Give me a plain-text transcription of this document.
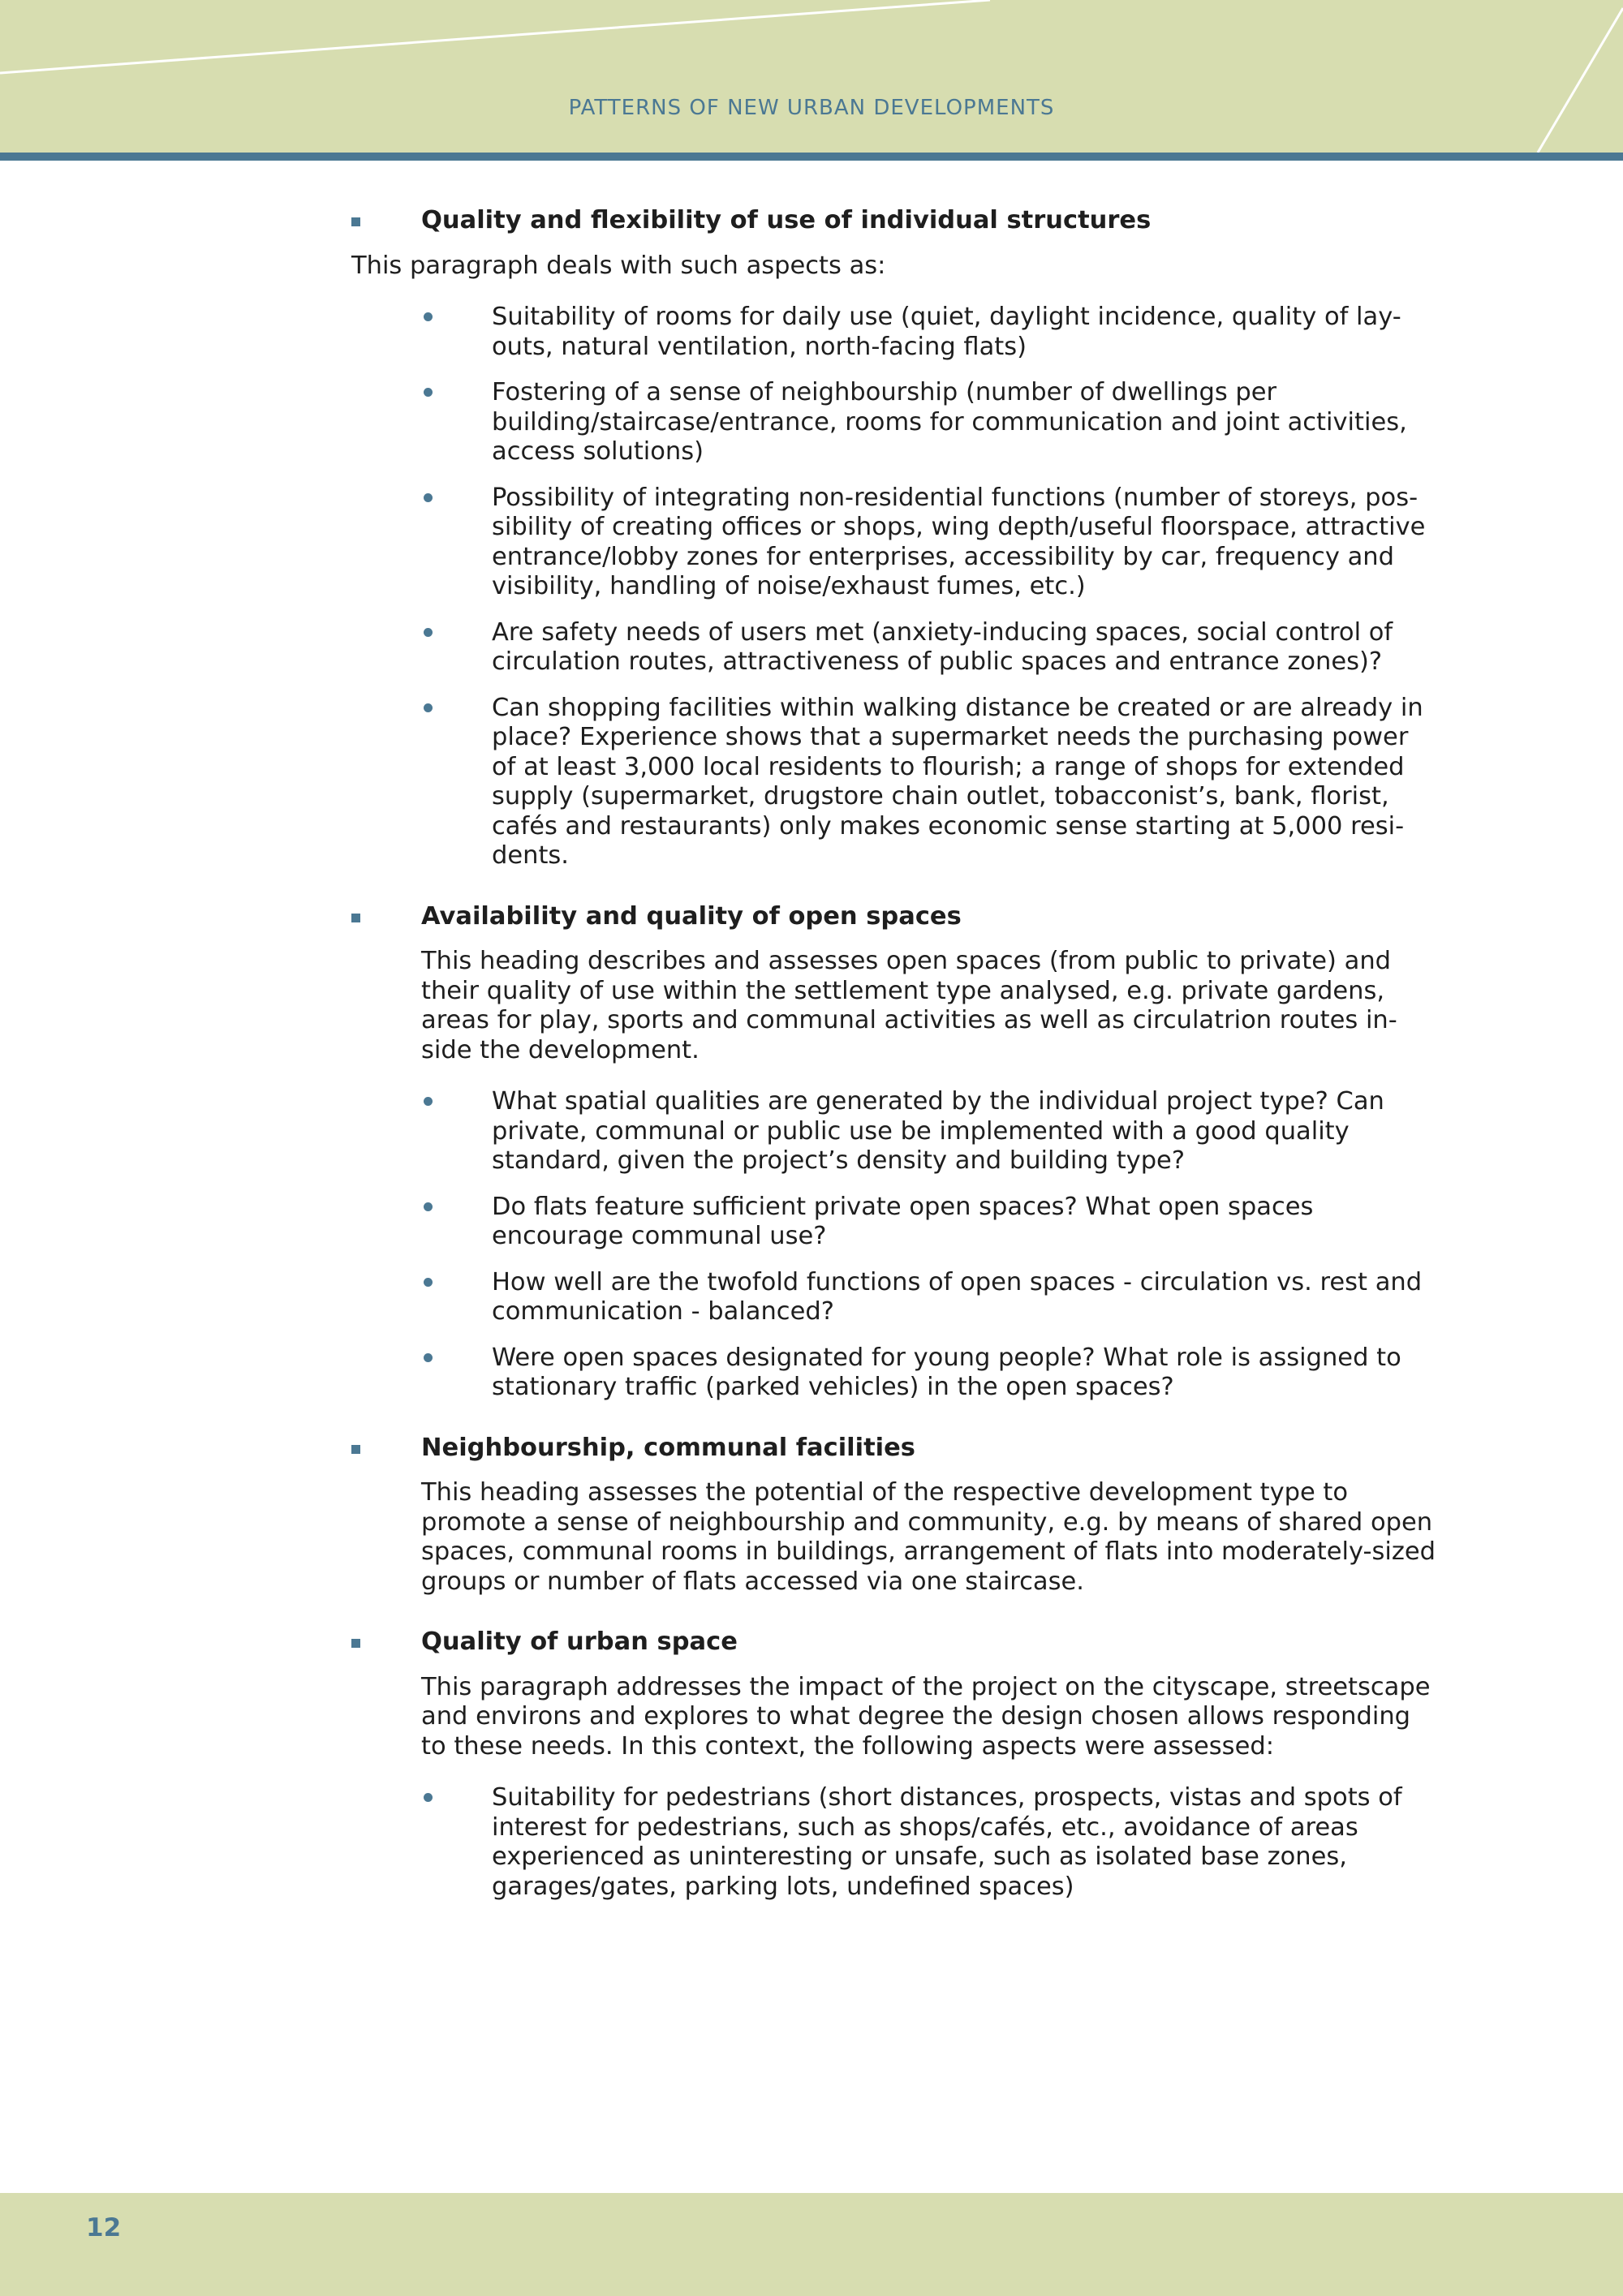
PATTERNS OF NEW URBAN DEVELOPMENTS
Quality and flexibility of use of individual structures
This paragraph deals with such aspects as:
Suitability of rooms for daily use (quiet, daylight incidence, quality of lay-outs, natural ventilation, north-facing flats)
Fostering of a sense of neighbourship (number of dwellings per building/staircase/entrance, rooms for communication and joint activities, access solutions)
Possibility of integrating non-residential functions (number of storeys, pos-sibility of creating offices or shops, wing depth/useful floorspace, attractive entrance/lobby zones for enterprises, accessibility by car, frequency and visibility, handling of noise/exhaust fumes, etc.)
Are safety needs of users met (anxiety-inducing spaces, social control of circulation routes, attractiveness of public spaces and entrance zones)?
Can shopping facilities within walking distance be created or are already in place? Experience shows that a supermarket needs the purchasing power of at least 3,000 local residents to flourish; a range of shops for extended supply (supermarket, drugstore chain outlet, tobacconist’s, bank, florist, cafés and restaurants) only makes economic sense starting at 5,000 resi-dents.
Availability and quality of open spaces
This heading describes and assesses open spaces (from public to private) and their quality of use within the settlement type analysed, e.g. private gardens, areas for play, sports and communal activities as well as circulatrion routes in-side the development.
What spatial qualities are generated by the individual project type? Can private, communal or public use be implemented with a good quality standard, given the project’s density and building type?
Do flats feature sufficient private open spaces? What open spaces encourage communal use?
How well are the twofold functions of open spaces - circulation vs. rest and communication - balanced?
Were open spaces designated for young people? What role is assigned to stationary traffic (parked vehicles) in the open spaces?
Neighbourship, communal facilities
This heading assesses the potential of the respective development type to promote a sense of neighbourship and community, e.g. by means of shared open spaces, communal rooms in buildings, arrangement of flats into moderately-sized groups or number of flats accessed via one staircase.
Quality of urban space
This paragraph addresses the impact of the project on the cityscape, streetscape and environs and explores to what degree the design chosen allows responding to these needs. In this context, the following aspects were assessed:
Suitability for pedestrians (short distances, prospects, vistas and spots of interest for pedestrians, such as shops/cafés, etc., avoidance of areas experienced as uninteresting or unsafe, such as isolated base zones, garages/gates, parking lots, undefined spaces)
12
